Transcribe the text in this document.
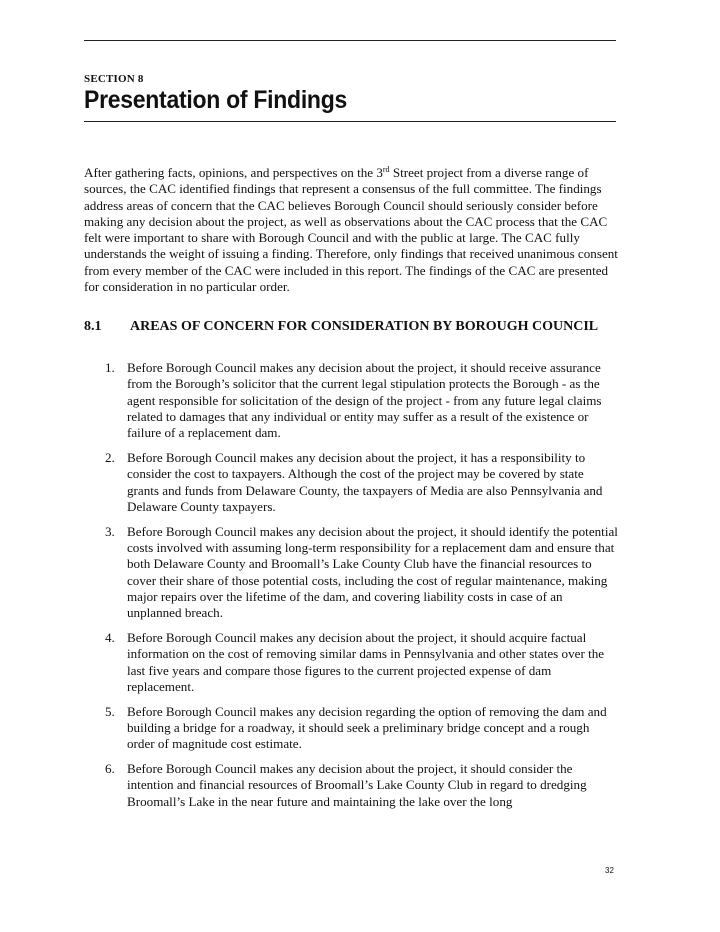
SECTION 8
Presentation of Findings

After gathering facts, opinions, and perspectives on the 3rd Street project from a diverse range of sources, the CAC identified findings that represent a consensus of the full committee. The findings address areas of concern that the CAC believes Borough Council should seriously consider before making any decision about the project, as well as observations about the CAC process that the CAC felt were important to share with Borough Council and with the public at large. The CAC fully understands the weight of issuing a finding. Therefore, only findings that received unanimous consent from every member of the CAC were included in this report. The findings of the CAC are presented for consideration in no particular order.

8.1 AREAS OF CONCERN FOR CONSIDERATION BY BOROUGH COUNCIL
1. Before Borough Council makes any decision about the project, it should receive assurance from the Borough’s solicitor that the current legal stipulation protects the Borough - as the agent responsible for solicitation of the design of the project - from any future legal claims related to damages that any individual or entity may suffer as a result of the existence or failure of a replacement dam.
2. Before Borough Council makes any decision about the project, it has a responsibility to consider the cost to taxpayers. Although the cost of the project may be covered by state grants and funds from Delaware County, the taxpayers of Media are also Pennsylvania and Delaware County taxpayers.
3. Before Borough Council makes any decision about the project, it should identify the potential costs involved with assuming long-term responsibility for a replacement dam and ensure that both Delaware County and Broomall’s Lake County Club have the financial resources to cover their share of those potential costs, including the cost of regular maintenance, making major repairs over the lifetime of the dam, and covering liability costs in case of an unplanned breach.
4. Before Borough Council makes any decision about the project, it should acquire factual information on the cost of removing similar dams in Pennsylvania and other states over the last five years and compare those figures to the current projected expense of dam replacement.
5. Before Borough Council makes any decision regarding the option of removing the dam and building a bridge for a roadway, it should seek a preliminary bridge concept and a rough order of magnitude cost estimate.
6. Before Borough Council makes any decision about the project, it should consider the intention and financial resources of Broomall’s Lake County Club in regard to dredging Broomall’s Lake in the near future and maintaining the lake over the long
32
